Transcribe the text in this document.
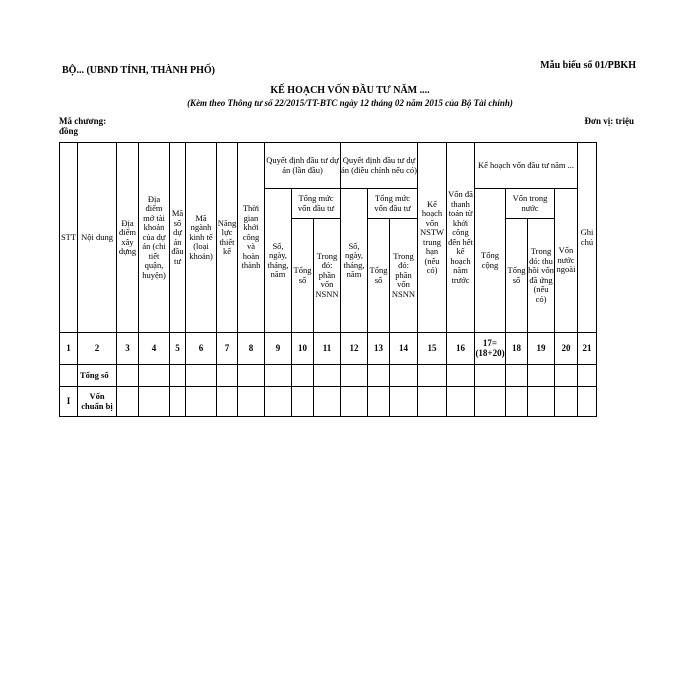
Mẫu biểu số 01/PBKH
BỘ... (UBND TỈNH, THÀNH PHỐ)
KẾ HOẠCH VỐN ĐẦU TƯ NĂM ....
(Kèm theo Thông tư số 22/2015/TT-BTC ngày 12 tháng 02 năm 2015 của Bộ Tài chính)
Mã chương:
đồng
Đơn vị: triệu
STT	Nội dung	Địa điểm xây dựng	Địa điểm mở tài khoản của dự án (chi tiết quận, huyện)	Mã số dự án đầu tư	Mã ngành kinh tế (loại khoản)	Năng lực thiết kế	Thời gian khởi công và hoàn thành	Quyết định đầu tư dự án (lần đầu)			Quyết định đầu tư dự án (điều chỉnh nếu có)			Kế hoạch vốn NSTW trung hạn (nếu có)	Vốn đã thanh toán từ khởi công đến hết kế hoạch năm trước	Kế hoạch vốn đầu tư năm ...				Ghi chú
								Số, ngày, tháng, năm	Tổng mức vốn đầu tư		Số, ngày, tháng, năm	Tổng mức vốn đầu tư				Tổng cộng	Vốn trong nước		Vốn nước ngoài	
									Tổng số	Trong đó: phần vốn NSNN		Tổng số	Trong đó: phần vốn NSNN				Tổng số	Trong đó: thu hồi vốn đã ứng (nếu có)		
1	2	3	4	5	6	7	8	9	10	11	12	13	14	15	16	17=(18+20)	18	19	20	21
	Tổng số																			
I	Vốn chuẩn bị																			
